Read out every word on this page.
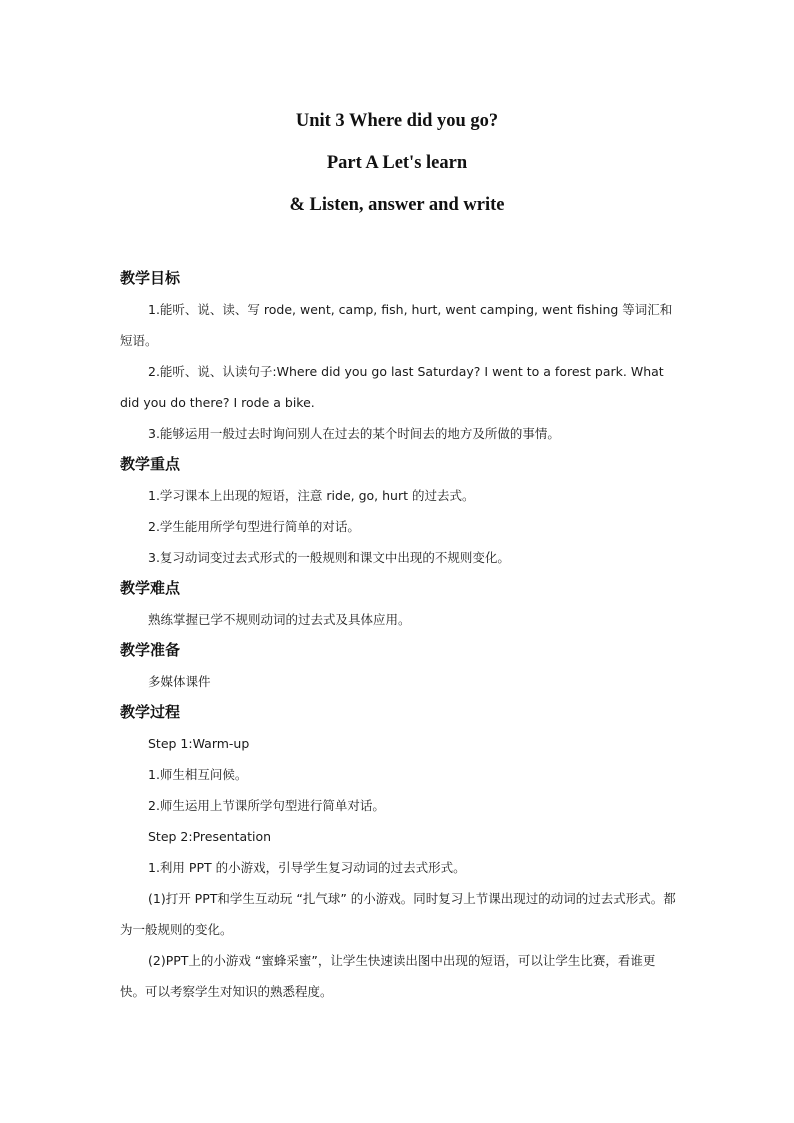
Unit 3 Where did you go?
Part A Let's learn
& Listen, answer and write
教学目标

1.能听、说、读、写 rode, went, camp, fish, hurt, went camping, went fishing 等词汇和短语。

2.能听、说、认读句子:Where did you go last Saturday? I went to a forest park. What did you do there? I rode a bike.

3.能够运用一般过去时询问别人在过去的某个时间去的地方及所做的事情。

教学重点

1.学习课本上出现的短语，注意 ride, go, hurt 的过去式。

2.学生能用所学句型进行简单的对话。

3.复习动词变过去式形式的一般规则和课文中出现的不规则变化。

教学难点

熟练掌握已学不规则动词的过去式及具体应用。

教学准备

多媒体课件

教学过程

Step 1:Warm-up

1.师生相互问候。

2.师生运用上节课所学句型进行简单对话。

Step 2:Presentation

1.利用 PPT 的小游戏，引导学生复习动词的过去式形式。

(1)打开 PPT和学生互动玩 “扎气球” 的小游戏。同时复习上节课出现过的动词的过去式形式。都为一般规则的变化。

(2)PPT上的小游戏 “蜜蜂采蜜”，让学生快速读出图中出现的短语，可以让学生比赛，看谁更快。可以考察学生对知识的熟悉程度。
